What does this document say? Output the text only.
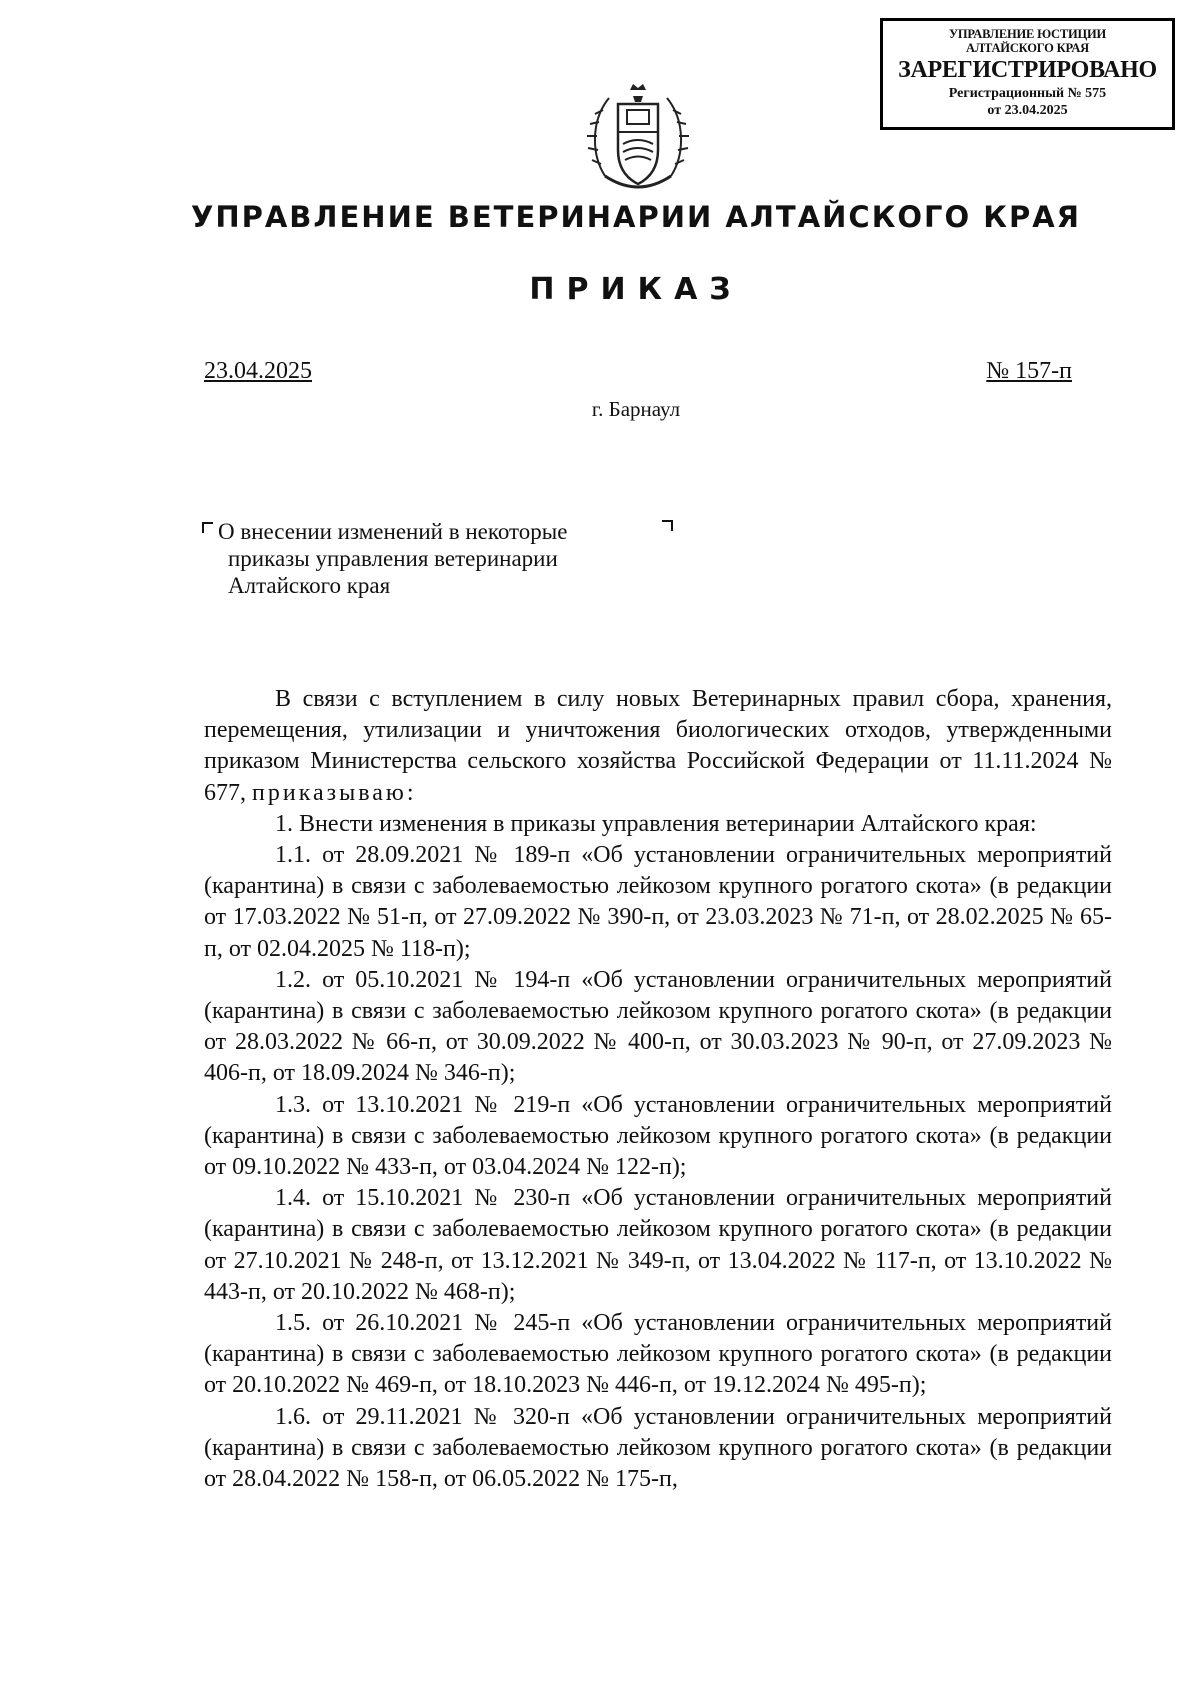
УПРАВЛЕНИЕ ЮСТИЦИИ
АЛТАЙСКОГО КРАЯ
ЗАРЕГИСТРИРОВАНО
Регистрационный № 575
от 23.04.2025
УПРАВЛЕНИЕ ВЕТЕРИНАРИИ АЛТАЙСКОГО КРАЯ
ПРИКАЗ
23.04.2025	№ 157-п
г. Барнаул
О внесении изменений в некоторые
приказы управления ветеринарии
Алтайского края

В связи с вступлением в силу новых Ветеринарных правил сбора, хранения, перемещения, утилизации и уничтожения биологических отходов, утвержденными приказом Министерства сельского хозяйства Российской Федерации от 11.11.2024 № 677, приказываю:

1. Внести изменения в приказы управления ветеринарии Алтайского края:

1.1. от 28.09.2021 № 189-п «Об установлении ограничительных мероприятий (карантина) в связи с заболеваемостью лейкозом крупного рогатого скота» (в редакции от 17.03.2022 № 51-п, от 27.09.2022 № 390-п, от 23.03.2023 № 71-п, от 28.02.2025 № 65-п, от 02.04.2025 № 118-п);

1.2. от 05.10.2021 № 194-п «Об установлении ограничительных мероприятий (карантина) в связи с заболеваемостью лейкозом крупного рогатого скота» (в редакции от 28.03.2022 № 66-п, от 30.09.2022 № 400-п, от 30.03.2023 № 90-п, от 27.09.2023 № 406-п, от 18.09.2024 № 346-п);

1.3. от 13.10.2021 № 219-п «Об установлении ограничительных мероприятий (карантина) в связи с заболеваемостью лейкозом крупного рогатого скота» (в редакции от 09.10.2022 № 433-п, от 03.04.2024 № 122-п);

1.4. от 15.10.2021 № 230-п «Об установлении ограничительных мероприятий (карантина) в связи с заболеваемостью лейкозом крупного рогатого скота» (в редакции от 27.10.2021 № 248-п, от 13.12.2021 № 349-п, от 13.04.2022 № 117-п, от 13.10.2022 № 443-п, от 20.10.2022 № 468-п);

1.5. от 26.10.2021 № 245-п «Об установлении ограничительных мероприятий (карантина) в связи с заболеваемостью лейкозом крупного рогатого скота» (в редакции от 20.10.2022 № 469-п, от 18.10.2023 № 446-п, от 19.12.2024 № 495-п);

1.6. от 29.11.2021 № 320-п «Об установлении ограничительных мероприятий (карантина) в связи с заболеваемостью лейкозом крупного рогатого скота» (в редакции от 28.04.2022 № 158-п, от 06.05.2022 № 175-п,
